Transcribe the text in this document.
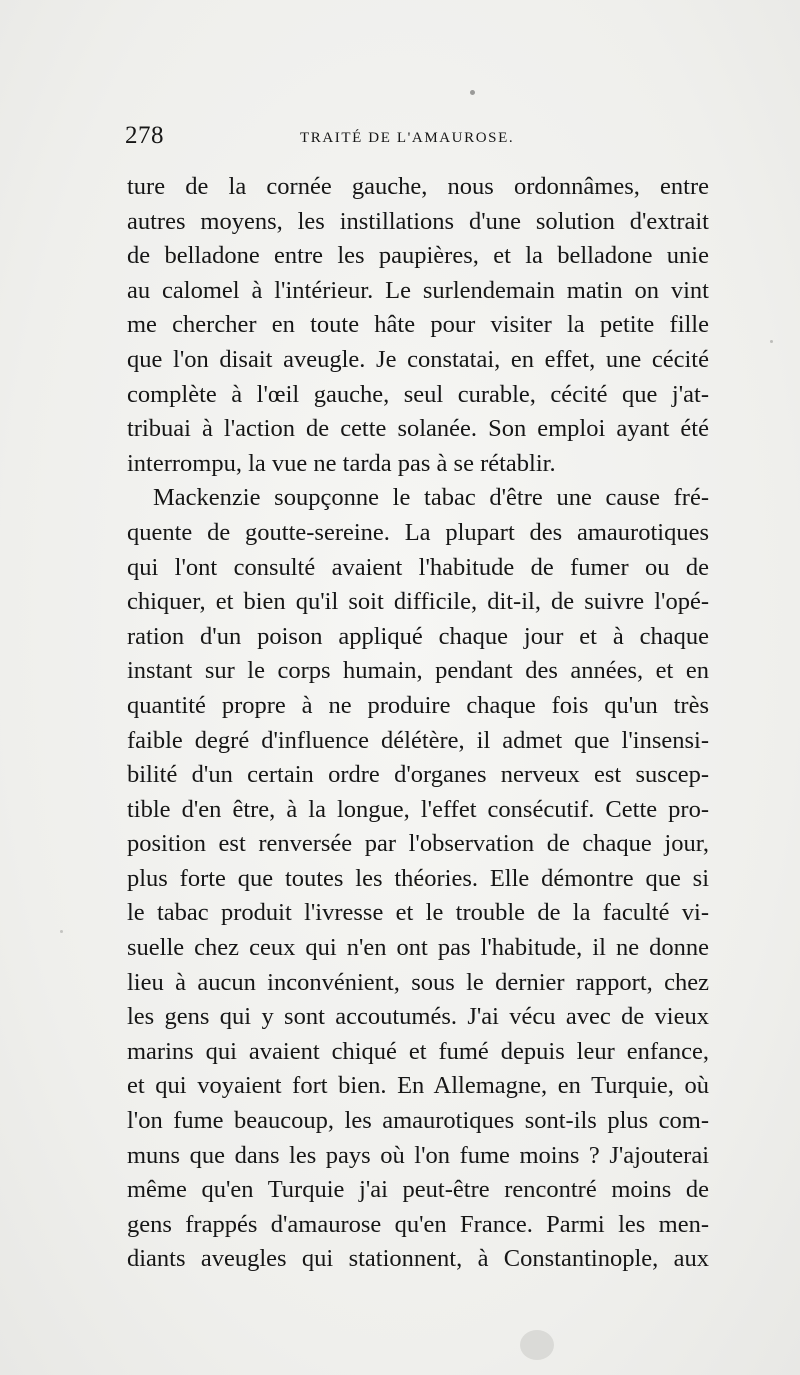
278	TRAITÉ DE L'AMAUROSE.
ture de la cornée gauche, nous ordonnâmes, entre
autres moyens, les instillations d'une solution d'extrait
de belladone entre les paupières, et la belladone unie
au calomel à l'intérieur. Le surlendemain matin on vint
me chercher en toute hâte pour visiter la petite fille
que l'on disait aveugle. Je constatai, en effet, une cécité
complète à l'œil gauche, seul curable, cécité que j'at-
tribuai à l'action de cette solanée. Son emploi ayant été
interrompu, la vue ne tarda pas à se rétablir.
Mackenzie soupçonne le tabac d'être une cause fré-
quente de goutte-sereine. La plupart des amaurotiques
qui l'ont consulté avaient l'habitude de fumer ou de
chiquer, et bien qu'il soit difficile, dit-il, de suivre l'opé-
ration d'un poison appliqué chaque jour et à chaque
instant sur le corps humain, pendant des années, et en
quantité propre à ne produire chaque fois qu'un très
faible degré d'influence délétère, il admet que l'insensi-
bilité d'un certain ordre d'organes nerveux est suscep-
tible d'en être, à la longue, l'effet consécutif. Cette pro-
position est renversée par l'observation de chaque jour,
plus forte que toutes les théories. Elle démontre que si
le tabac produit l'ivresse et le trouble de la faculté vi-
suelle chez ceux qui n'en ont pas l'habitude, il ne donne
lieu à aucun inconvénient, sous le dernier rapport, chez
les gens qui y sont accoutumés. J'ai vécu avec de vieux
marins qui avaient chiqué et fumé depuis leur enfance,
et qui voyaient fort bien. En Allemagne, en Turquie, où
l'on fume beaucoup, les amaurotiques sont-ils plus com-
muns que dans les pays où l'on fume moins ? J'ajouterai
même qu'en Turquie j'ai peut-être rencontré moins de
gens frappés d'amaurose qu'en France. Parmi les men-
diants aveugles qui stationnent, à Constantinople, aux
